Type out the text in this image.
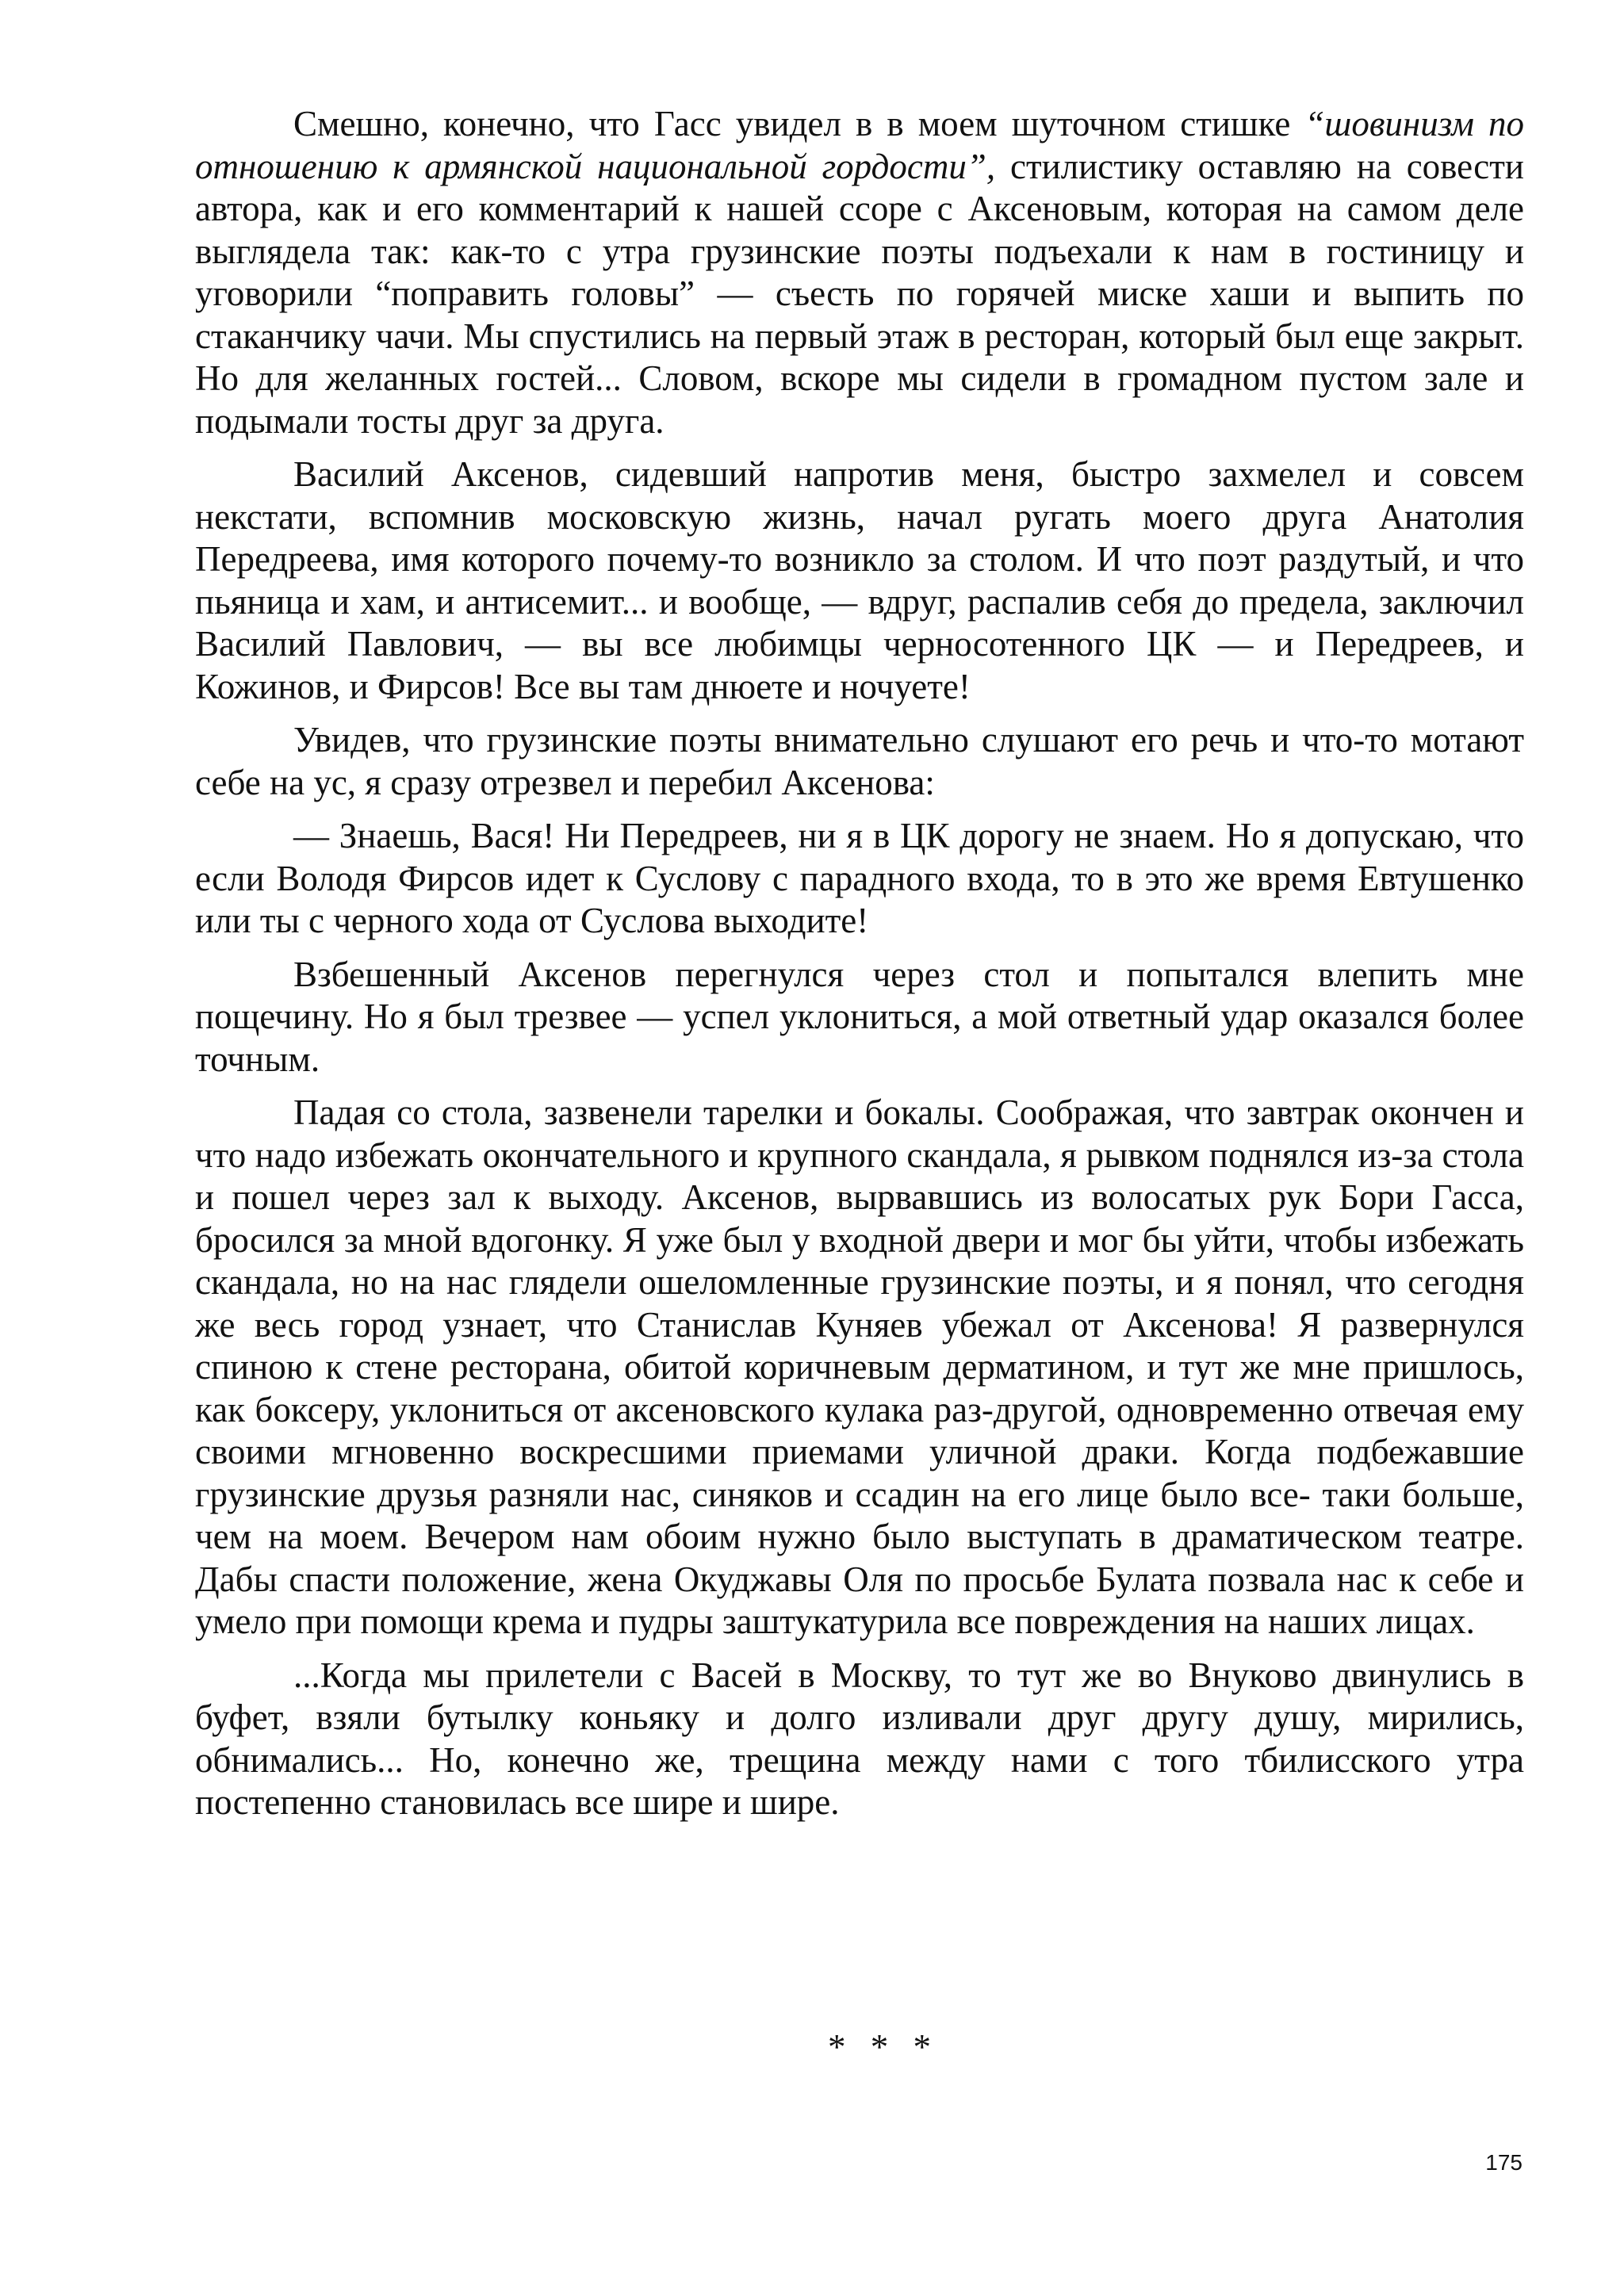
Смешно, конечно, что Гасс увидел в в моем шуточном стишке “шовинизм по отношению к армянской национальной гордости”, стилистику оставляю на совести автора, как и его комментарий к нашей ссоре с Аксеновым, которая на самом деле выглядела так: как-то с утра грузинские поэты подъехали к нам в гостиницу и уговорили “поправить головы” — съесть по горячей миске хаши и выпить по стаканчику чачи. Мы спустились на первый этаж в ресторан, который был еще закрыт. Но для желанных гостей... Словом, вскоре мы сидели в громадном пустом зале и подымали тосты друг за друга.

Василий Аксенов, сидевший напротив меня, быстро захмелел и совсем некстати, вспомнив московскую жизнь, начал ругать моего друга Анатолия Передреева, имя которого почему-то возникло за столом. И что поэт раздутый, и что пьяница и хам, и антисемит... и вообще, — вдруг, распалив себя до предела, заключил Василий Павлович, — вы все любимцы черносотенного ЦК — и Передреев, и Кожинов, и Фирсов! Все вы там днюете и ночуете!

Увидев, что грузинские поэты внимательно слушают его речь и что-то мотают себе на ус, я сразу отрезвел и перебил Аксенова:

— Знаешь, Вася! Ни Передреев, ни я в ЦК дорогу не знаем. Но я допускаю, что если Володя Фирсов идет к Суслову с парадного входа, то в это же время Евтушенко или ты с черного хода от Суслова выходите!

Взбешенный Аксенов перегнулся через стол и попытался влепить мне пощечину. Но я был трезвее — успел уклониться, а мой ответный удар оказался более точным.

Падая со стола, зазвенели тарелки и бокалы. Соображая, что завтрак окончен и что надо избежать окончательного и крупного скандала, я рывком поднялся из-за стола и пошел через зал к выходу. Аксенов, вырвавшись из волосатых рук Бори Гасса, бросился за мной вдогонку. Я уже был у входной двери и мог бы уйти, чтобы избежать скандала, но на нас глядели ошеломленные грузинские поэты, и я понял, что сегодня же весь город узнает, что Станислав Куняев убежал от Аксенова! Я развернулся спиною к стене ресторана, обитой коричневым дерматином, и тут же мне пришлось, как боксеру, уклониться от аксеновского кулака раз-другой, одновременно отвечая ему своими мгновенно воскресшими приемами уличной драки. Когда подбежавшие грузинские друзья разняли нас, синяков и ссадин на его лице было все- таки больше, чем на моем. Вечером нам обоим нужно было выступать в драматическом театре. Дабы спасти положение, жена Окуджавы Оля по просьбе Булата позвала нас к себе и умело при помощи крема и пудры заштукатурила все повреждения на наших лицах.

...Когда мы прилетели с Васей в Москву, то тут же во Внуково двинулись в буфет, взяли бутылку коньяку и долго изливали друг другу душу, мирились, обнимались... Но, конечно же, трещина между нами с того тбилисского утра постепенно становилась все шире и шире.

* * *
175
